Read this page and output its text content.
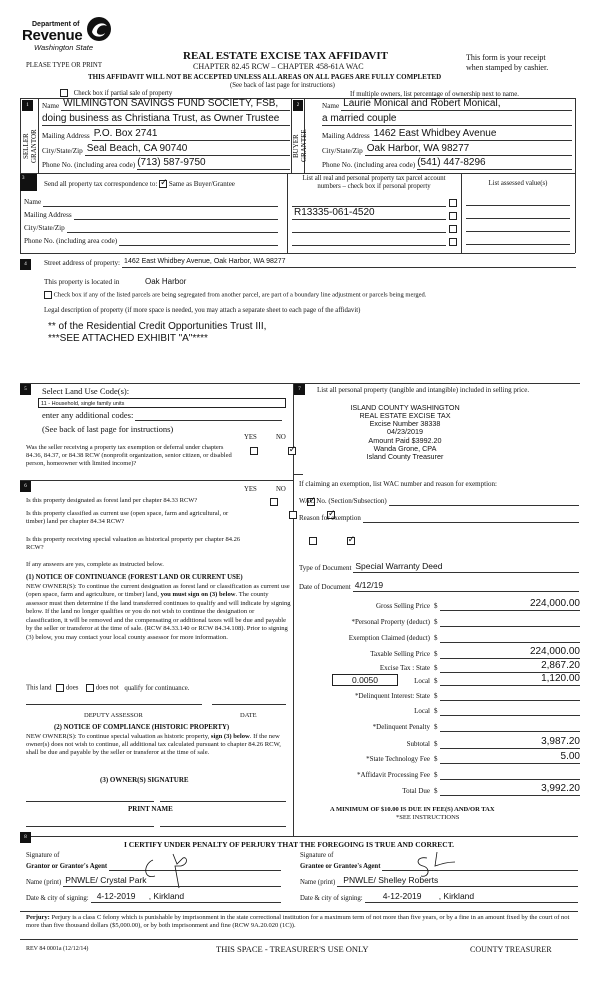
Department of
Revenue
Washington State
PLEASE TYPE OR PRINT
REAL ESTATE EXCISE TAX AFFIDAVIT
CHAPTER 82.45 RCW – CHAPTER 458-61A WAC
This form is your receipt
when stamped by cashier.
THIS AFFIDAVIT WILL NOT BE ACCEPTED UNLESS ALL AREAS ON ALL PAGES ARE FULLY COMPLETED
(See back of last page for instructions)
Check box if partial sale of property	If multiple owners, list percentage of ownership next to name.
1
SELLER GRANTOR
Name WILMINGTON SAVINGS FUND SOCIETY, FSB,
doing business as Christiana Trust, as Owner Trustee
Mailing Address P.O. Box 2741
City/State/Zip Seal Beach, CA 90740
Phone No. (including area code) (713) 587-9750
2
BUYER GRANTEE
Name Laurie Monical and Robert Monical,
a married couple
Mailing Address 1462 East Whidbey Avenue
City/State/Zip Oak Harbor, WA 98277
Phone No. (including area code) (541) 447-8296
3
Send all property tax correspondence to: ✓ Same as Buyer/Grantee
Name
Mailing Address
City/State/Zip
Phone No. (including area code)
List all real and personal property tax parcel account numbers – check box if personal property	List assessed value(s)
R13335-061-4520
4	Street address of property: 1462 East Whidbey Avenue, Oak Harbor, WA 98277
This property is located in	Oak Harbor
Check box if any of the listed parcels are being segregated from another parcel, are part of a boundary line adjustment or parcels being merged.
Legal description of property (if more space is needed, you may attach a separate sheet to each page of the affidavit)
** of the Residential Credit Opportunities Trust III,
***SEE ATTACHED EXHIBIT "A"****
5	Select Land Use Code(s):
11 - Household, single family units
enter any additional codes:
(See back of last page for instructions)
YES	NO
Was the seller receiving a property tax exemption or deferral under chapters 84.36, 84.37, or 84.38 RCW (nonprofit organization, senior citizen, or disabled person, homeowner with limited income)?
✓
6	YES	NO
Is this property designated as forest land per chapter 84.33 RCW?
✓
Is this property classified as current use (open space, farm and agricultural, or timber) land per chapter 84.34 RCW?
✓
Is this property receiving special valuation as historical property per chapter 84.26 RCW?
✓
If any answers are yes, complete as instructed below.
(1) NOTICE OF CONTINUANCE (FOREST LAND OR CURRENT USE)
NEW OWNER(S): To continue the current designation as forest land or classification as current use (open space, farm and agriculture, or timber) land, you must sign on (3) below. The county assessor must then determine if the land transferred continues to qualify and will indicate by signing below. If the land no longer qualifies or you do not wish to continue the designation or classification, it will be removed and the compensating or additional taxes will be due and payable by the seller or transferor at the time of sale. (RCW 84.33.140 or RCW 84.34.108). Prior to signing (3) below, you may contact your local county assessor for more information.
This land does	does not qualify for continuance.
DEPUTY ASSESSOR	DATE
(2) NOTICE OF COMPLIANCE (HISTORIC PROPERTY)
NEW OWNER(S): To continue special valuation as historic property, sign (3) below. If the new owner(s) does not wish to continue, all additional tax calculated pursuant to chapter 84.26 RCW, shall be due and payable by the seller or transferor at the time of sale.
(3) OWNER(S) SIGNATURE
PRINT NAME
7	List all personal property (tangible and intangible) included in selling price.
ISLAND COUNTY WASHINGTON
REAL ESTATE EXCISE TAX
Excise Number 38338
04/23/2019
Amount Paid $3992.20
Wanda Grone, CPA
Island County Treasurer
If claiming an exemption, list WAC number and reason for exemption:
WAC No. (Section/Subsection)
Reason for exemption
Type of Document Special Warranty Deed
Date of Document 4/12/19
Gross Selling Price $	224,000.00
*Personal Property (deduct) $
Exemption Claimed (deduct) $
Taxable Selling Price $	224,000.00
Excise Tax : State $	2,867.20
0.0050	Local $	1,120.00
*Delinquent Interest: State $
Local $
*Delinquent Penalty $
Subtotal $	3,987.20
*State Technology Fee $	5.00
*Affidavit Processing Fee $
Total Due $	3,992.20
A MINIMUM OF $10.00 IS DUE IN FEE(S) AND/OR TAX
*SEE INSTRUCTIONS
8
I CERTIFY UNDER PENALTY OF PERJURY THAT THE FOREGOING IS TRUE AND CORRECT.
Signature of
Grantor or Grantor's Agent
Name (print) PNWLE/ Crystal Park
Date & city of signing: 4-12-2019 , Kirkland
Signature of
Grantee or Grantee's Agent
Name (print) PNWLE/ Shelley Roberts
Date & city of signing: 4-12-2019 , Kirkland
Perjury: Perjury is a class C felony which is punishable by imprisonment in the state correctional institution for a maximum term of not more than five years, or by a fine in an amount fixed by the court of not more than five thousand dollars ($5,000.00), or by both imprisonment and fine (RCW 9A.20.020 (1C)).
REV 84 0001a (12/12/14)	THIS SPACE - TREASURER'S USE ONLY	COUNTY TREASURER
